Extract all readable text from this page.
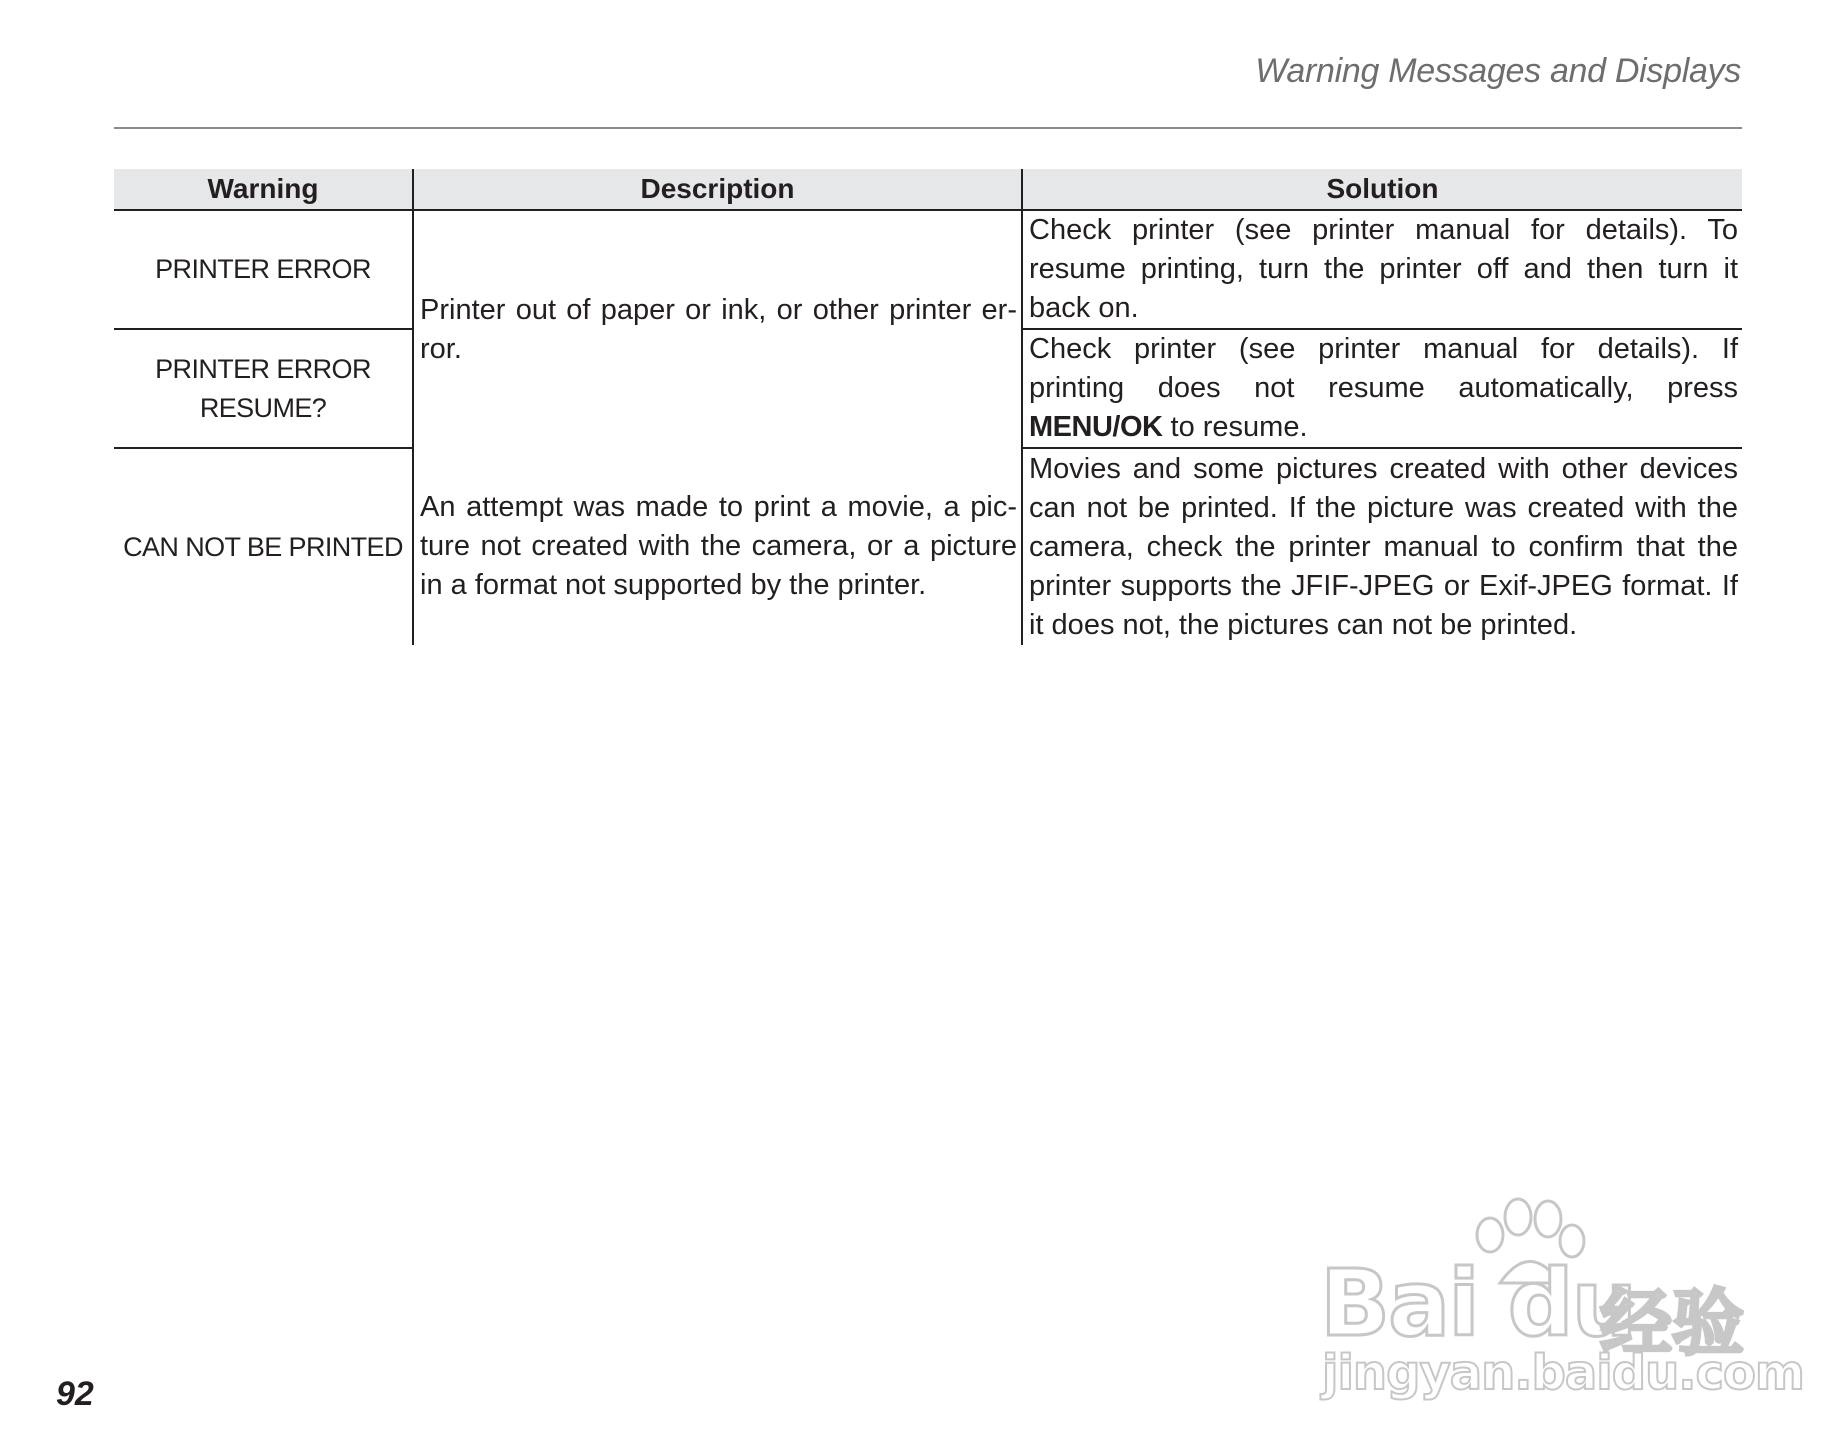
Warning Messages and Displays
Warning	Description	Solution
PRINTER ERROR	Printer out of paper or ink, or other printer er-ror.	Check printer (see printer manual for details). To resume printing, turn the printer off and then turn it back on.
PRINTER ERROR RESUME?		Check printer (see printer manual for details). If printing does not resume automatically, press MENU/OK to resume.
CAN NOT BE PRINTED	An attempt was made to print a movie, a pic-ture not created with the camera, or a picture in a format not supported by the printer.	Movies and some pictures created with other devices can not be printed. If the picture was created with the camera, check the printer manual to confirm that the printer supports the JFIF-JPEG or Exif-JPEG format. If it does not, the pictures can not be printed.
92
Bai du
经验
jingyan.baidu.com
